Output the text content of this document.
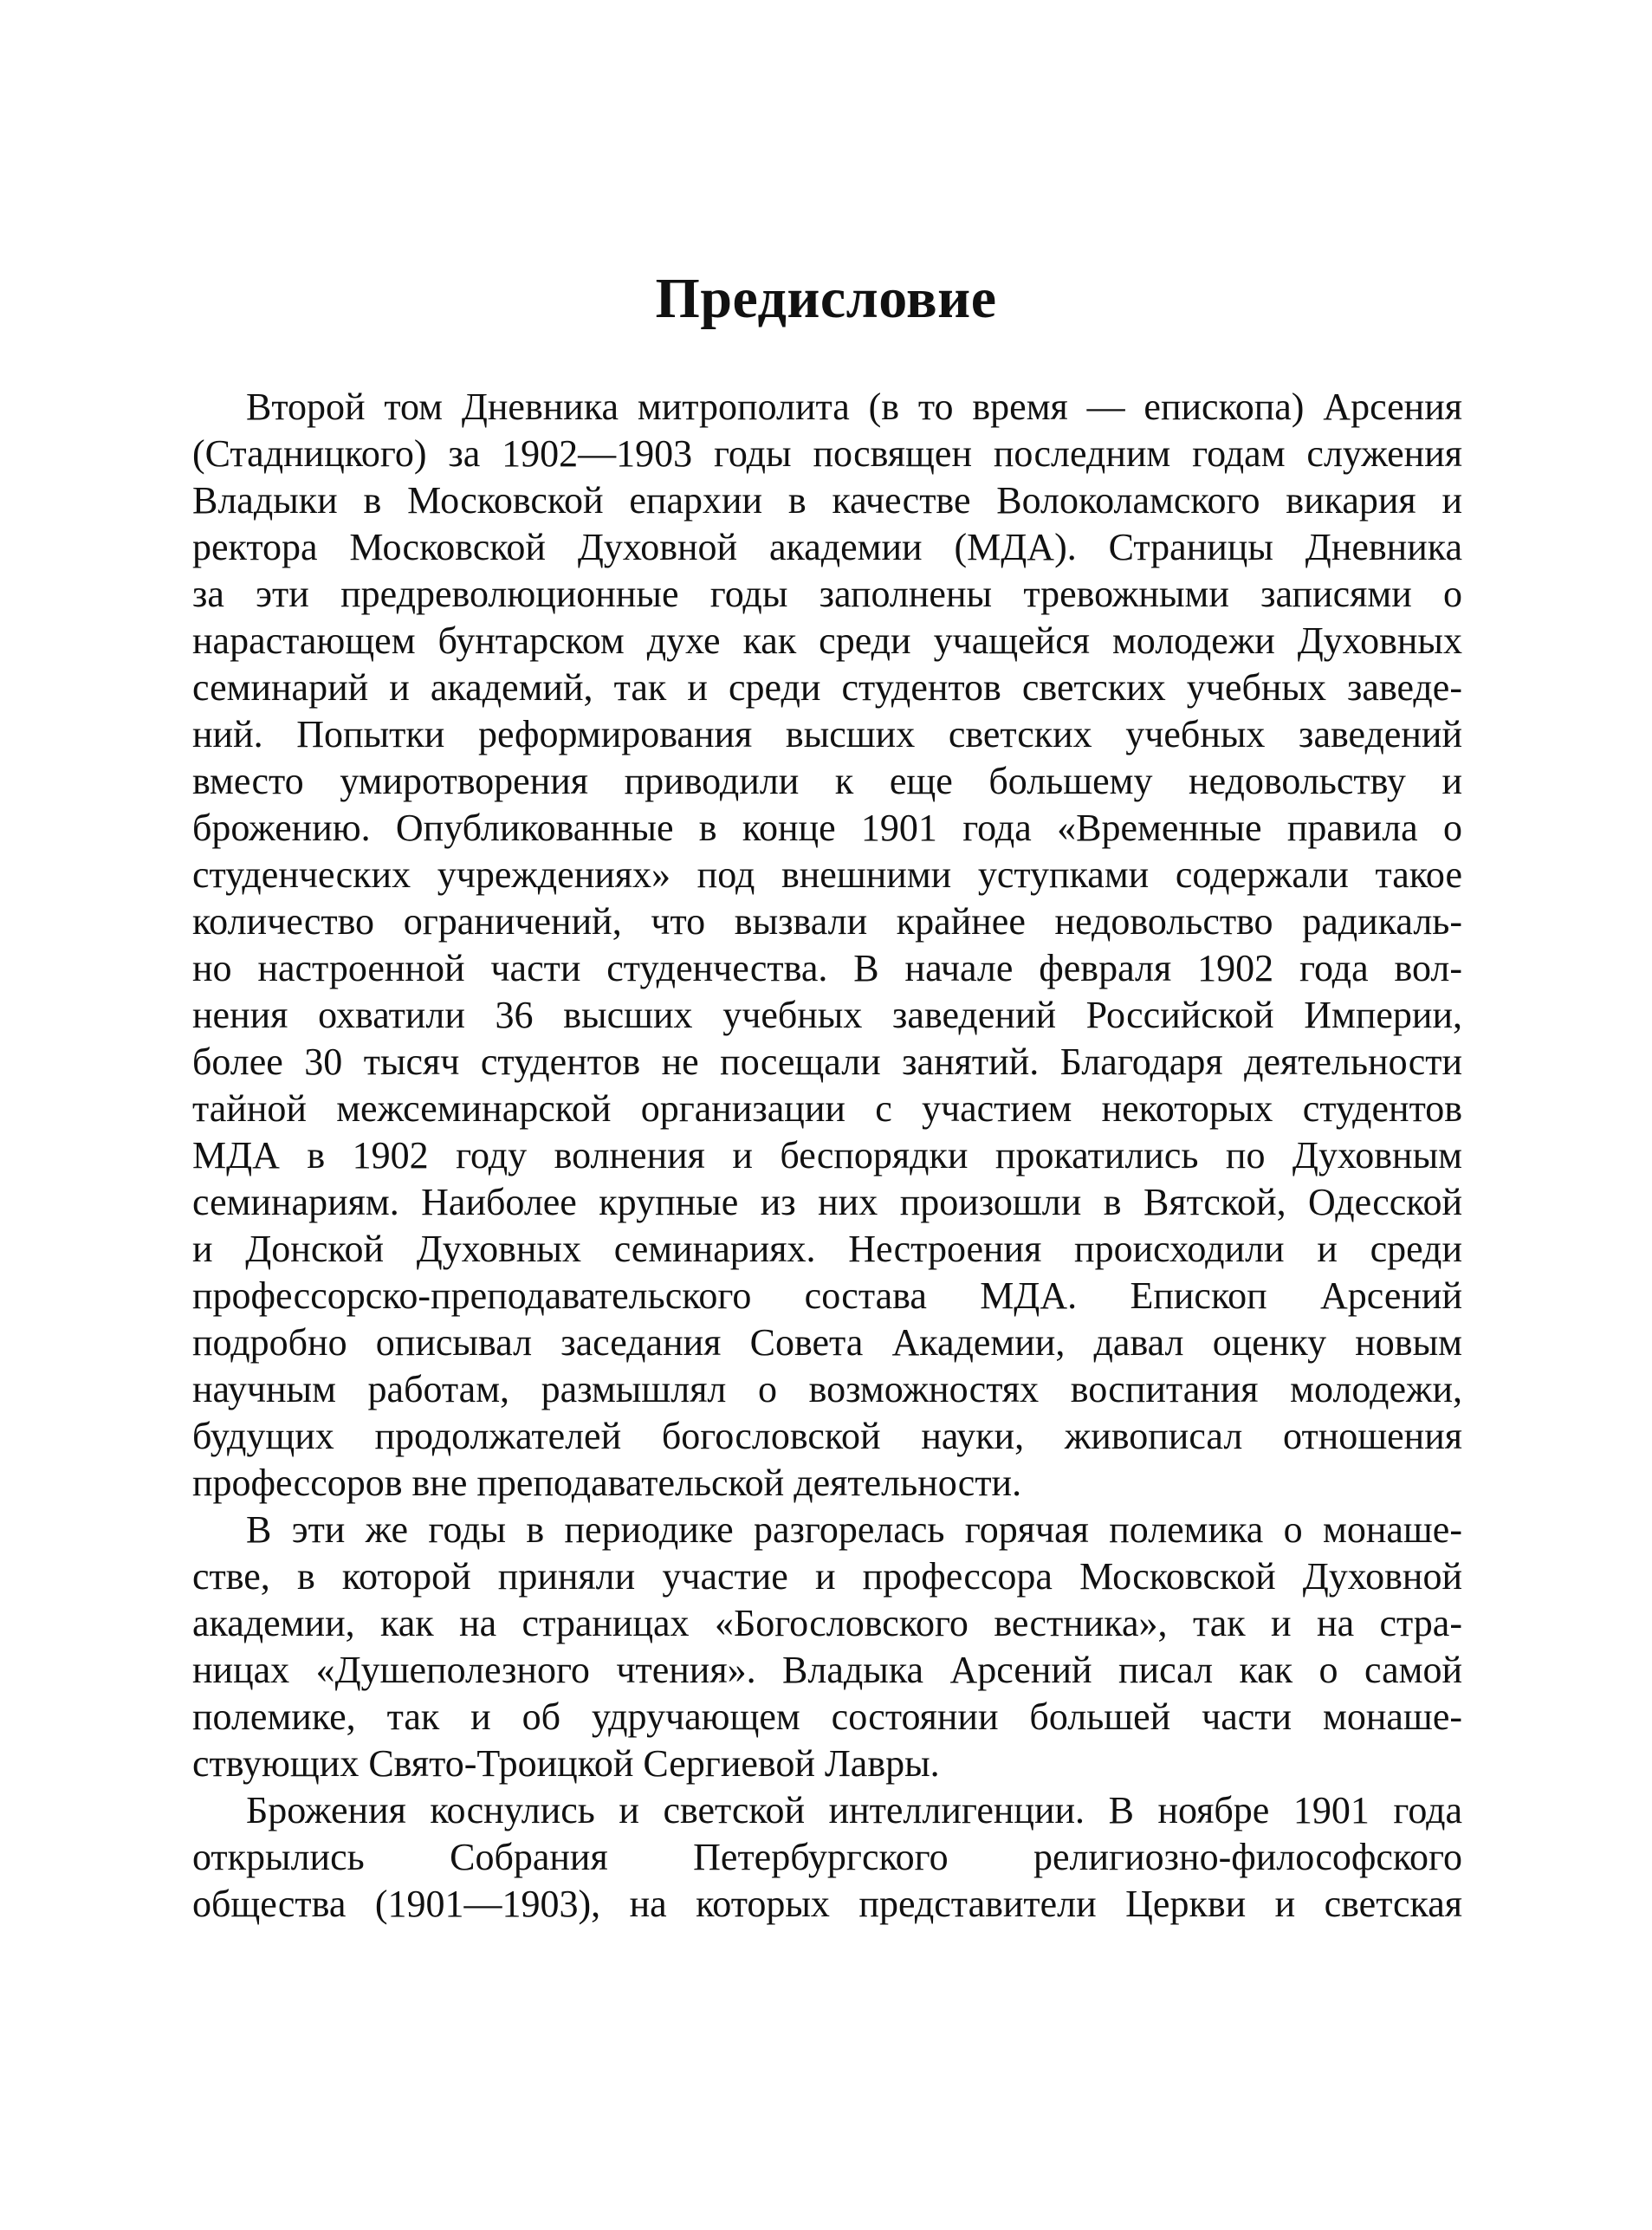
Предисловие
Второй том Дневника митрополита (в то время — епископа) Арсения
(Стадницкого) за 1902—1903 годы посвящен последним годам служения
Владыки в Московской епархии в качестве Волоколамского викария и
ректора Московской Духовной академии (МДА). Страницы Дневника
за эти предреволюционные годы заполнены тревожными записями о
нарастающем бунтарском духе как среди учащейся молодежи Духовных
семинарий и академий, так и среди студентов светских учебных заведе-
ний. Попытки реформирования высших светских учебных заведений
вместо умиротворения приводили к еще большему недовольству и
брожению. Опубликованные в конце 1901 года «Временные правила о
студенческих учреждениях» под внешними уступками содержали такое
количество ограничений, что вызвали крайнее недовольство радикаль-
но настроенной части студенчества. В начале февраля 1902 года вол-
нения охватили 36 высших учебных заведений Российской Империи,
более 30 тысяч студентов не посещали занятий. Благодаря деятельности
тайной межсеминарской организации с участием некоторых студентов
МДА в 1902 году волнения и беспорядки прокатились по Духовным
семинариям. Наиболее крупные из них произошли в Вятской, Одесской
и Донской Духовных семинариях. Нестроения происходили и среди
профессорско-преподавательского состава МДА. Епископ Арсений
подробно описывал заседания Совета Академии, давал оценку новым
научным работам, размышлял о возможностях воспитания молодежи,
будущих продолжателей богословской науки, живописал отношения
профессоров вне преподавательской деятельности.
В эти же годы в периодике разгорелась горячая полемика о монаше-
стве, в которой приняли участие и профессора Московской Духовной
академии, как на страницах «Богословского вестника», так и на стра-
ницах «Душеполезного чтения». Владыка Арсений писал как о самой
полемике, так и об удручающем состоянии большей части монаше-
ствующих Свято-Троицкой Сергиевой Лавры.
Брожения коснулись и светской интеллигенции. В ноябре 1901 года
открылись Собрания Петербургского религиозно-философского
общества (1901—1903), на которых представители Церкви и светская
